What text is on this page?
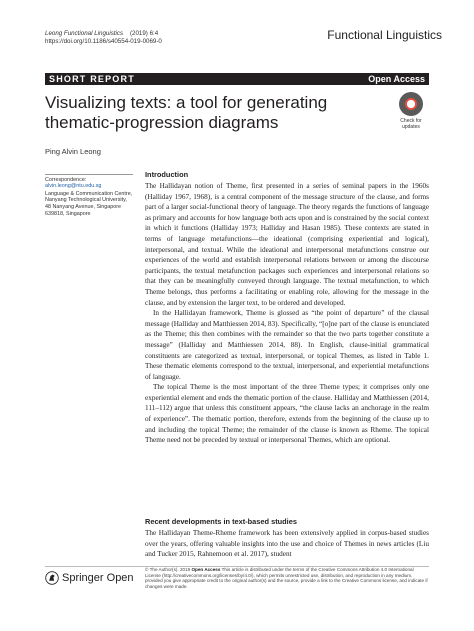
Leong Functional Linguistics (2019) 6:4
https://doi.org/10.1186/s40554-019-0069-0	Functional Linguistics
SHORT REPORT	Open Access
Visualizing texts: a tool for generating thematic-progression diagrams
Ping Alvin Leong
Check for
updates
Correspondence: alvin.leong@ntu.edu.sg
Language & Communication Centre, Nanyang Technological University, 48 Nanyang Avenue, Singapore 639818, Singapore
Introduction

The Hallidayan notion of Theme, first presented in a series of seminal papers in the 1960s (Halliday 1967, 1968), is a central component of the message structure of the clause, and forms part of a larger social-functional theory of language. The theory regards the functions of language as primary and accounts for how language both acts upon and is constrained by the social context in which it functions (Halliday 1973; Halliday and Hasan 1985). These contexts are stated in terms of language metafunctions—the ideational (comprising experiential and logical), interpersonal, and textual. While the ideational and interpersonal metafunctions construe our experiences of the world and establish interpersonal relations between or among the discourse participants, the textual metafunction packages such experiences and interpersonal relations so that they can be meaningfully conveyed through language. The textual metafunction, to which Theme belongs, thus performs a facilitating or enabling role, allowing for the message in the clause, and by extension the larger text, to be ordered and developed.

In the Hallidayan framework, Theme is glossed as “the point of departure” of the clausal message (Halliday and Matthiessen 2014, 83). Specifically, “[o]ne part of the clause is enunciated as the Theme; this then combines with the remainder so that the two parts together constitute a message” (Halliday and Matthiessen 2014, 88). In English, clause-initial grammatical constituents are categorized as textual, interpersonal, or topical Themes, as listed in Table 1. These thematic elements correspond to the textual, interpersonal, and experiential metafunctions of language.

The topical Theme is the most important of the three Theme types; it comprises only one experiential element and ends the thematic portion of the clause. Halliday and Matthiessen (2014, 111–112) argue that unless this constituent appears, “the clause lacks an anchorage in the realm of experience”. The thematic portion, therefore, extends from the beginning of the clause up to and including the topical Theme; the remainder of the clause is known as Rheme. The topical Theme need not be preceded by textual or interpersonal Themes, which are optional.

Recent developments in text-based studies

The Hallidayan Theme-Rheme framework has been extensively applied in corpus-based studies over the years, offering valuable insights into the use and choice of Themes in news articles (Liu and Tucker 2015, Rahnemoon et al. 2017), student

Springer Open
© The Author(s). 2019 Open Access This article is distributed under the terms of the Creative Commons Attribution 4.0 International License (http://creativecommons.org/licenses/by/4.0/), which permits unrestricted use, distribution, and reproduction in any medium, provided you give appropriate credit to the original author(s) and the source, provide a link to the Creative Commons license, and indicate if changes were made.
